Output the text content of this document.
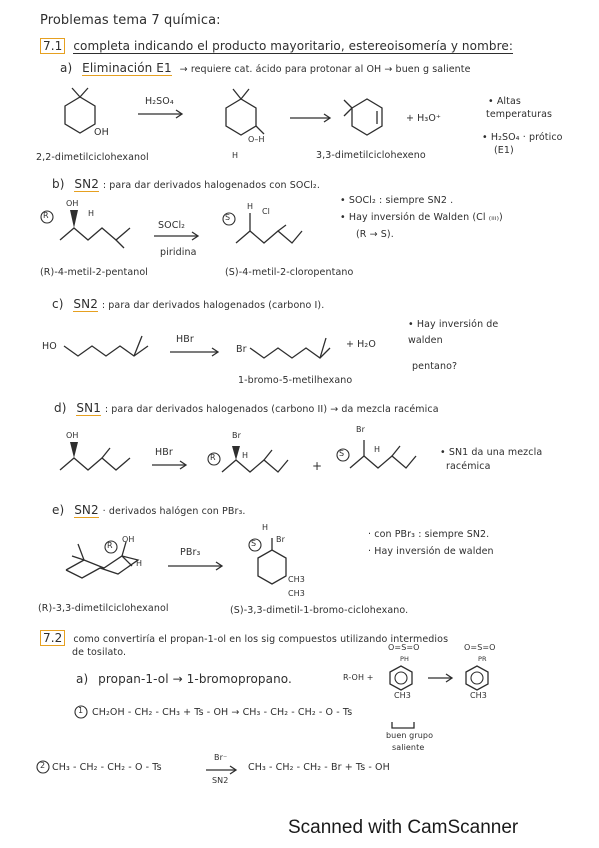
Problemas tema 7 química:
7.1 completa indicando el producto mayoritario, estereoisomería y nombre:
a) Eliminación E1 → requiere cat. ácido para protonar al OH → buen g saliente
OH
H₂SO₄
O–H
H
+ H₃O⁺
• Altas
temperaturas
• H₂SO₄ · prótico
(E1)
2,2-dimetilciclohexanol	3,3-dimetilciclohexeno
b) SN2 : para dar derivados halogenados con SOCl₂.
R
OH
H
SOCl₂
piridina
S
H
Cl
• SOCl₂ : siempre SN2 .
• Hay inversión de Walden (Cl ₍ᵢᵢᵢ₎)
(R → S).
(R)-4-metil-2-pentanol	(S)-4-metil-2-cloropentano
c) SN2 : para dar derivados halogenados (carbono I).
HO
HBr
→ Br	+ H₂O
• Hay inversión de
walden
1-bromo-5-metilhexano
pentano?
d) SN1 : para dar derivados halogenados (carbono II) → da mezcla racémica
OH
HBr	R
Br
H
+
S
Br
H	• SN1 da una mezcla
racémica
e) SN2 · derivados halógen con PBr₃.
R
OH
H
PBr₃
H
S Br
CH3
CH3
· con PBr₃ : siempre SN2.
· Hay inversión de walden
(R)-3,3-dimetilciclohexanol	(S)-3,3-dimetil-1-bromo-ciclohexano.
7.2 como convertiría el propan-1-ol en los sig compuestos utilizando intermedios
de tosilato.
a) propan-1-ol → 1-bromopropano.	R-OH +
O=S=O
PH
CH3
O=S=O
PR
CH3
1 CH₂OH - CH₂ - CH₃ + Ts - OH → CH₃ - CH₂ - CH₂ - O - Ts
buen grupo
saliente
2 CH₃ - CH₂ - CH₂ - O - Ts
Br⁻
SN2
CH₃ - CH₂ - CH₂ - Br + Ts - OH
Scanned with CamScanner
